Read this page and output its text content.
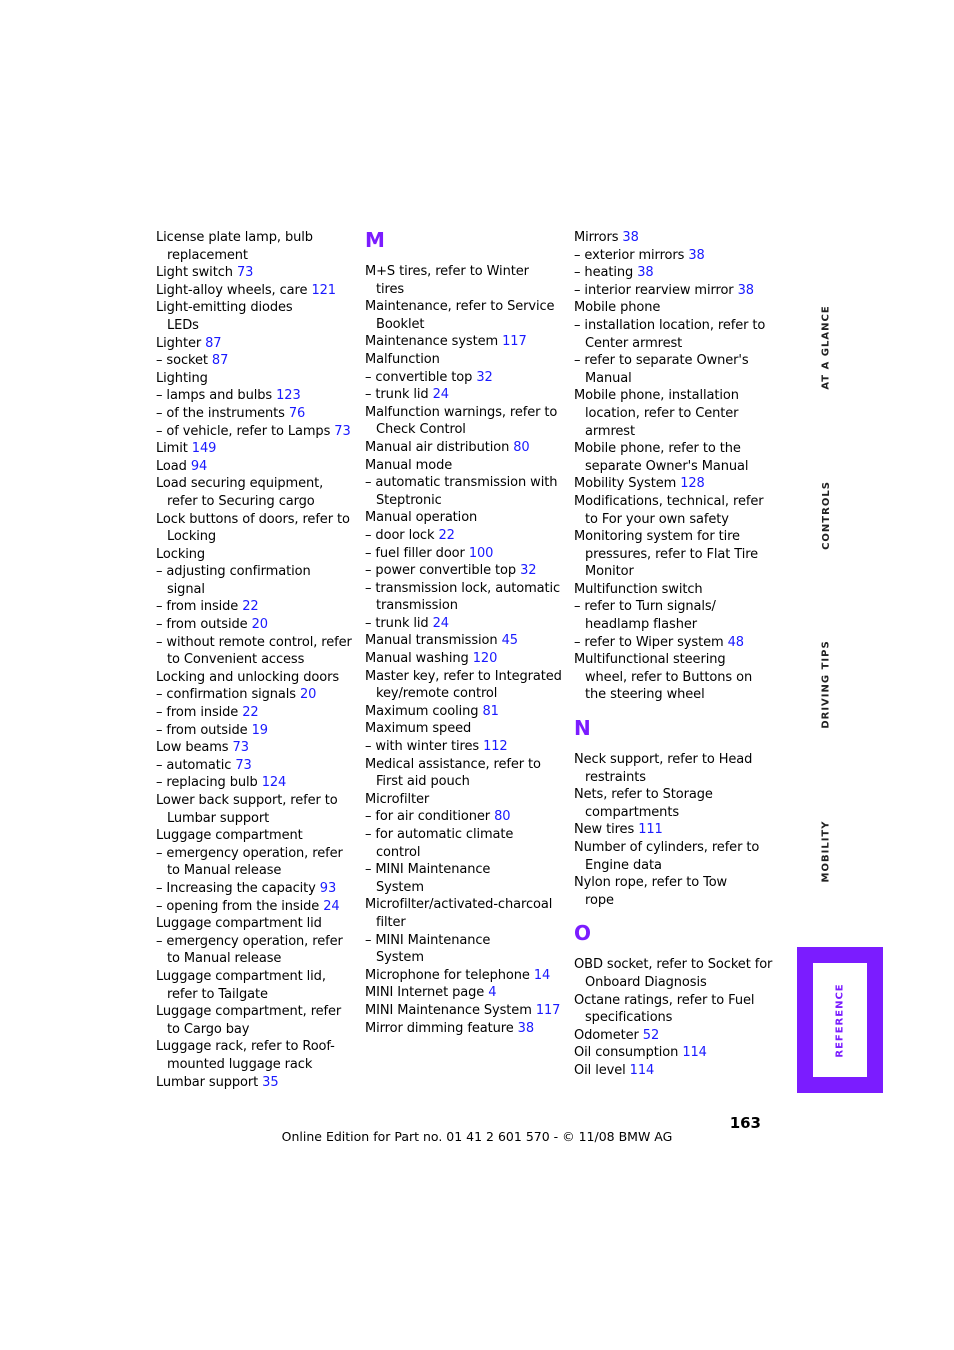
License plate lamp, bulb
replacement
Light switch 73
Light-alloy wheels, care 121
Light-emitting diodes
LEDs
Lighter 87
– socket 87
Lighting
– lamps and bulbs 123
– of the instruments 76
– of vehicle, refer to Lamps 73
Limit 149
Load 94
Load securing equipment,
refer to Securing cargo
Lock buttons of doors, refer to
Locking
Locking
– adjusting confirmation
signal
– from inside 22
– from outside 20
– without remote control, refer
to Convenient access
Locking and unlocking doors
– confirmation signals 20
– from inside 22
– from outside 19
Low beams 73
– automatic 73
– replacing bulb 124
Lower back support, refer to
Lumbar support
Luggage compartment
– emergency operation, refer
to Manual release
– Increasing the capacity 93
– opening from the inside 24
Luggage compartment lid
– emergency operation, refer
to Manual release
Luggage compartment lid,
refer to Tailgate
Luggage compartment, refer
to Cargo bay
Luggage rack, refer to Roof-
mounted luggage rack
Lumbar support 35
M
M+S tires, refer to Winter
tires
Maintenance, refer to Service
Booklet
Maintenance system 117
Malfunction
– convertible top 32
– trunk lid 24
Malfunction warnings, refer to
Check Control
Manual air distribution 80
Manual mode
– automatic transmission with
Steptronic
Manual operation
– door lock 22
– fuel filler door 100
– power convertible top 32
– transmission lock, automatic
transmission
– trunk lid 24
Manual transmission 45
Manual washing 120
Master key, refer to Integrated
key/remote control
Maximum cooling 81
Maximum speed
– with winter tires 112
Medical assistance, refer to
First aid pouch
Microfilter
– for air conditioner 80
– for automatic climate
control
– MINI Maintenance
System
Microfilter/activated-charcoal
filter
– MINI Maintenance
System
Microphone for telephone 14
MINI Internet page 4
MINI Maintenance System 117
Mirror dimming feature 38
Mirrors 38
– exterior mirrors 38
– heating 38
– interior rearview mirror 38
Mobile phone
– installation location, refer to
Center armrest
– refer to separate Owner's
Manual
Mobile phone, installation
location, refer to Center
armrest
Mobile phone, refer to the
separate Owner's Manual
Mobility System 128
Modifications, technical, refer
to For your own safety
Monitoring system for tire
pressures, refer to Flat Tire
Monitor
Multifunction switch
– refer to Turn signals/
headlamp flasher
– refer to Wiper system 48
Multifunctional steering
wheel, refer to Buttons on
the steering wheel
N
Neck support, refer to Head
restraints
Nets, refer to Storage
compartments
New tires 111
Number of cylinders, refer to
Engine data
Nylon rope, refer to Tow
rope
O
OBD socket, refer to Socket for
Onboard Diagnosis
Octane ratings, refer to Fuel
specifications
Odometer 52
Oil consumption 114
Oil level 114
AT A GLANCE
CONTROLS
DRIVING TIPS
MOBILITY
REFERENCE
163
Online Edition for Part no. 01 41 2 601 570 - © 11/08 BMW AG
